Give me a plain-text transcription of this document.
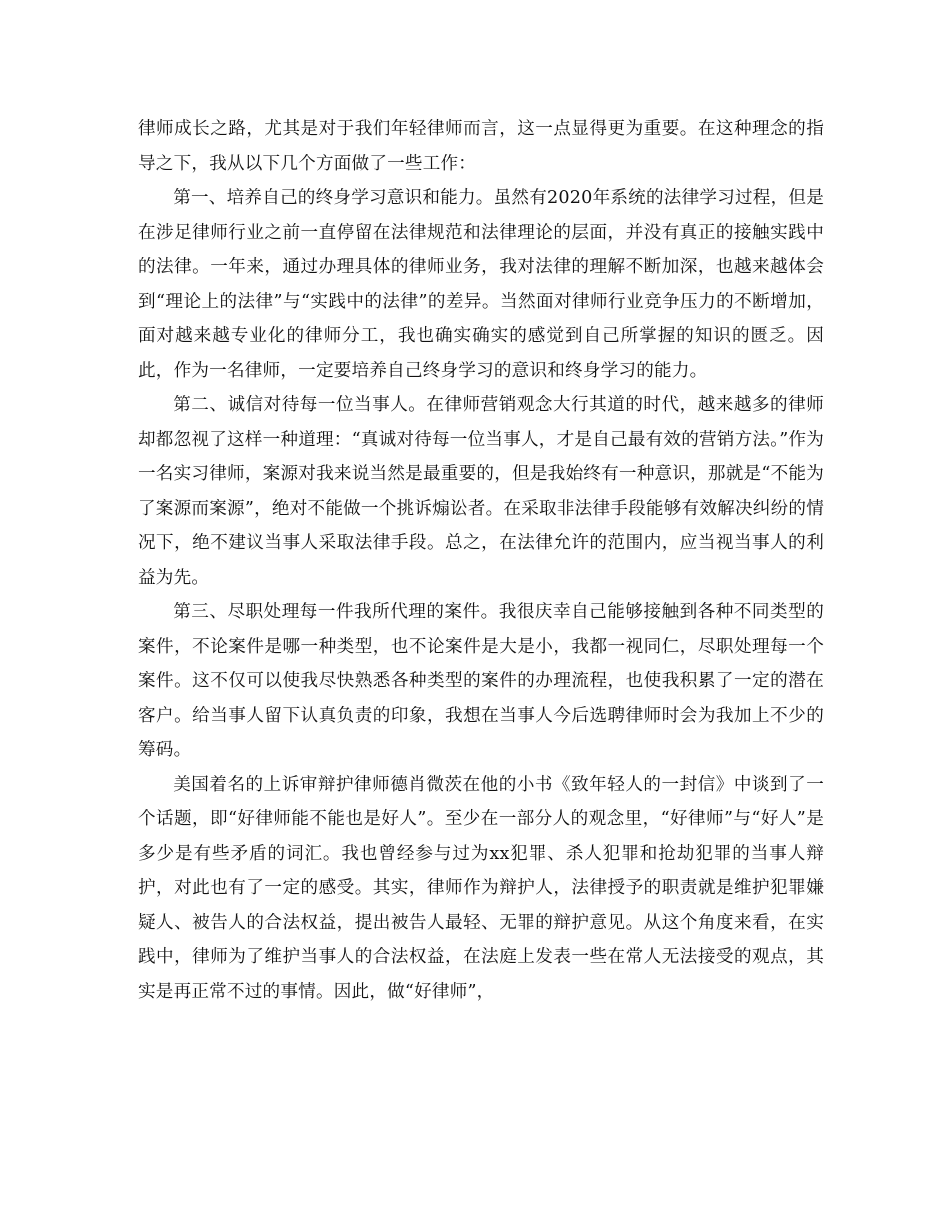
律师成长之路，尤其是对于我们年轻律师而言，这一点显得更为重要。在这种理念的指导之下，我从以下几个方面做了一些工作：

第一、培养自己的终身学习意识和能力。虽然有2020年系统的法律学习过程，但是在涉足律师行业之前一直停留在法律规范和法律理论的层面，并没有真正的接触实践中的法律。一年来，通过办理具体的律师业务，我对法律的理解不断加深，也越来越体会到“理论上的法律”与“实践中的法律”的差异。当然面对律师行业竞争压力的不断增加，面对越来越专业化的律师分工，我也确实确实的感觉到自己所掌握的知识的匮乏。因此，作为一名律师，一定要培养自己终身学习的意识和终身学习的能力。

第二、诚信对待每一位当事人。在律师营销观念大行其道的时代，越来越多的律师却都忽视了这样一种道理：“真诚对待每一位当事人，才是自己最有效的营销方法。”作为一名实习律师，案源对我来说当然是最重要的，但是我始终有一种意识，那就是“不能为了案源而案源”，绝对不能做一个挑诉煽讼者。在采取非法律手段能够有效解决纠纷的情况下，绝不建议当事人采取法律手段。总之，在法律允许的范围内，应当视当事人的利益为先。

第三、尽职处理每一件我所代理的案件。我很庆幸自己能够接触到各种不同类型的案件，不论案件是哪一种类型，也不论案件是大是小，我都一视同仁，尽职处理每一个案件。这不仅可以使我尽快熟悉各种类型的案件的办理流程，也使我积累了一定的潜在客户。给当事人留下认真负责的印象，我想在当事人今后选聘律师时会为我加上不少的筹码。

美国着名的上诉审辩护律师德肖微茨在他的小书《致年轻人的一封信》中谈到了一个话题，即“好律师能不能也是好人”。至少在一部分人的观念里，“好律师”与“好人”是多少是有些矛盾的词汇。我也曾经参与过为xx犯罪、杀人犯罪和抢劫犯罪的当事人辩护，对此也有了一定的感受。其实，律师作为辩护人，法律授予的职责就是维护犯罪嫌疑人、被告人的合法权益，提出被告人最轻、无罪的辩护意见。从这个角度来看，在实践中，律师为了维护当事人的合法权益，在法庭上发表一些在常人无法接受的观点，其实是再正常不过的事情。因此，做“好律师”，
